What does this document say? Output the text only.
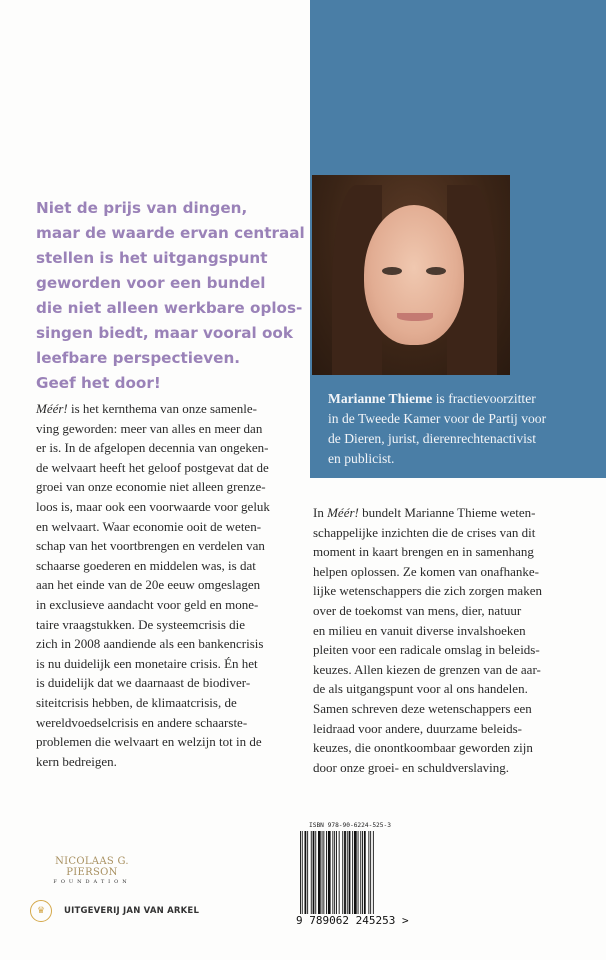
Marianne Thieme is fractievoorzitter
in de Tweede Kamer voor de Partij voor
de Dieren, jurist, dierenrechtenactivist
en publicist.
Niet de prijs van dingen,
maar de waarde ervan centraal
stellen is het uitgangspunt
geworden voor een bundel
die niet alleen werkbare oplos-
singen biedt, maar vooral ook
leefbare perspectieven.
Geef het door!
Méér! is het kernthema van onze samenle-
ving geworden: meer van alles en meer dan
er is. In de afgelopen decennia van ongeken-
de welvaart heeft het geloof postgevat dat de
groei van onze economie niet alleen grenze-
loos is, maar ook een voorwaarde voor geluk
en welvaart. Waar economie ooit de weten-
schap van het voortbrengen en verdelen van
schaarse goederen en middelen was, is dat
aan het einde van de 20e eeuw omgeslagen
in exclusieve aandacht voor geld en mone-
taire vraagstukken. De systeemcrisis die
zich in 2008 aandiende als een bankencrisis
is nu duidelijk een monetaire crisis. Én het
is duidelijk dat we daarnaast de biodiver-
siteitcrisis hebben, de klimaatcrisis, de
wereldvoedselcrisis en andere schaarste-
problemen die welvaart en welzijn tot in de
kern bedreigen.
In Méér! bundelt Marianne Thieme weten-
schappelijke inzichten die de crises van dit
moment in kaart brengen en in samenhang
helpen oplossen. Ze komen van onafhanke-
lijke wetenschappers die zich zorgen maken
over de toekomst van mens, dier, natuur
en milieu en vanuit diverse invalshoeken
pleiten voor een radicale omslag in beleids-
keuzes. Allen kiezen de grenzen van de aar-
de als uitgangspunt voor al ons handelen.
Samen schreven deze wetenschappers een
leidraad voor andere, duurzame beleids-
keuzes, die onontkoombaar geworden zijn
door onze groei- en schuldverslaving.
NICOLAAS G. PIERSON
FOUNDATION
♛	UITGEVERIJ JAN VAN ARKEL
ISBN 978-90-6224-525-3
9 789062 245253 >
